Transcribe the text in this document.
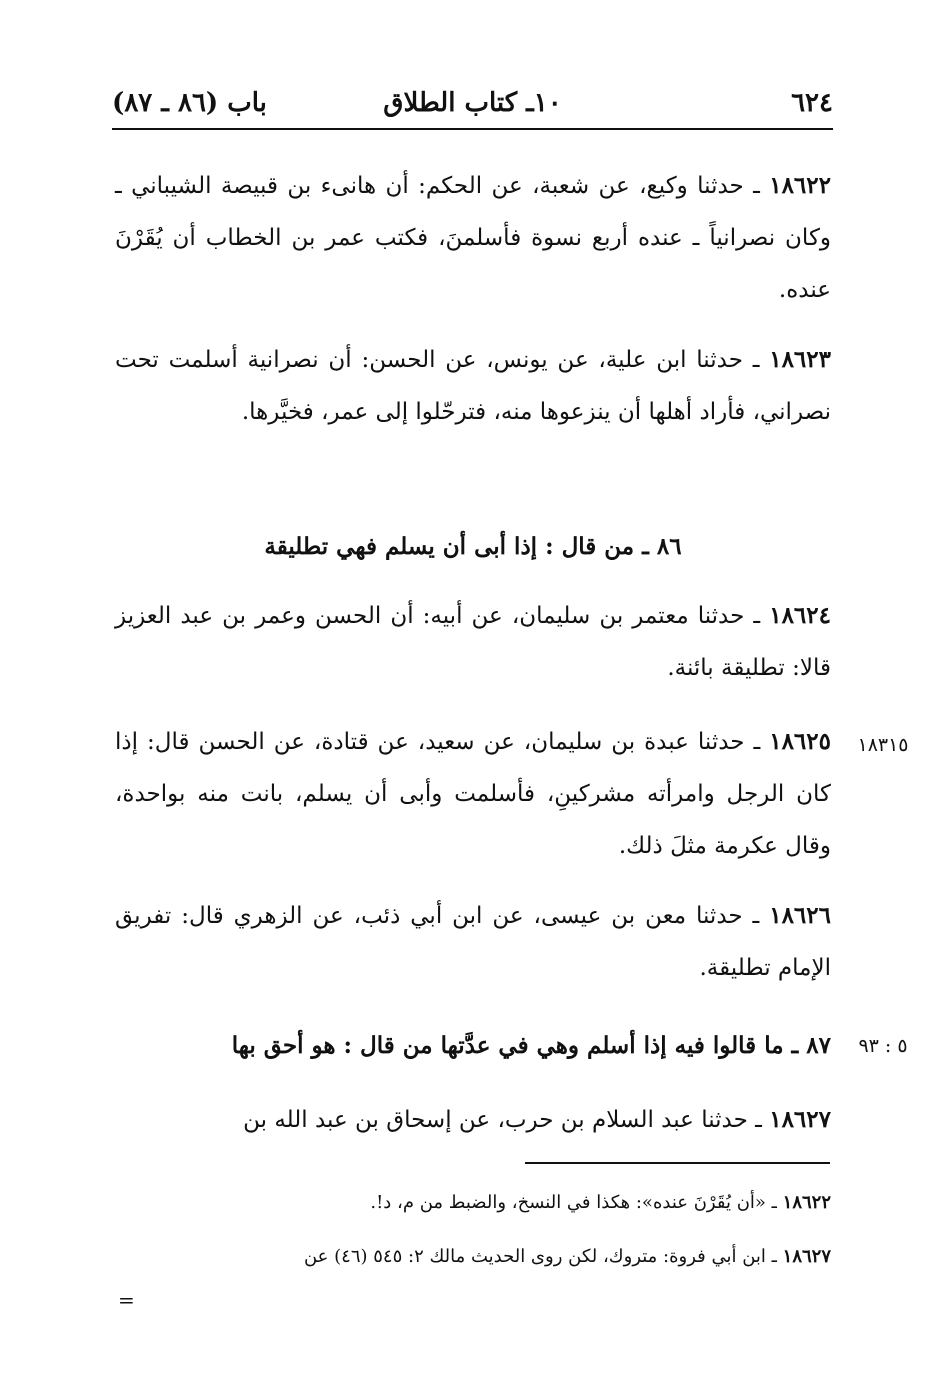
٦٢٤
١٠ـ كتاب الطلاق
باب (٨٦ ـ ٨٧)
١٨٦٢٢ ـ حدثنا وكيع، عن شعبة، عن الحكم: أن هانىء بن قبيصة الشيباني ـ وكان نصرانياً ـ عنده أربع نسوة فأسلمنَ، فكتب عمر بن الخطاب أن يُقَرْنَ عنده.
١٨٦٢٣ ـ حدثنا ابن علية، عن يونس، عن الحسن: أن نصرانية أسلمت تحت نصراني، فأراد أهلها أن ينزعوها منه، فترحّلوا إلى عمر، فخيَّرها.
٨٦ ـ من قال : إذا أبى أن يسلم فهي تطليقة
١٨٦٢٤ ـ حدثنا معتمر بن سليمان، عن أبيه: أن الحسن وعمر بن عبد العزيز قالا: تطليقة بائنة.
١٨٣١٥
١٨٦٢٥ ـ حدثنا عبدة بن سليمان، عن سعيد، عن قتادة، عن الحسن قال: إذا كان الرجل وامرأته مشركينِ، فأسلمت وأبى أن يسلم، بانت منه بواحدة، وقال عكرمة مثلَ ذلك.
١٨٦٢٦ ـ حدثنا معن بن عيسى، عن ابن أبي ذئب، عن الزهري قال: تفريق الإمام تطليقة.
٥ : ٩٣
٨٧ ـ ما قالوا فيه إذا أسلم وهي في عدَّتها من قال : هو أحق بها
١٨٦٢٧ ـ حدثنا عبد السلام بن حرب، عن إسحاق بن عبد الله بن
١٨٦٢٢ ـ «أن يُقَرْنَ عنده»: هكذا في النسخ، والضبط من م، د!.
١٨٦٢٧ ـ ابن أبي فروة: متروك، لكن روى الحديث مالك ٢: ٥٤٥ (٤٦) عن
=
